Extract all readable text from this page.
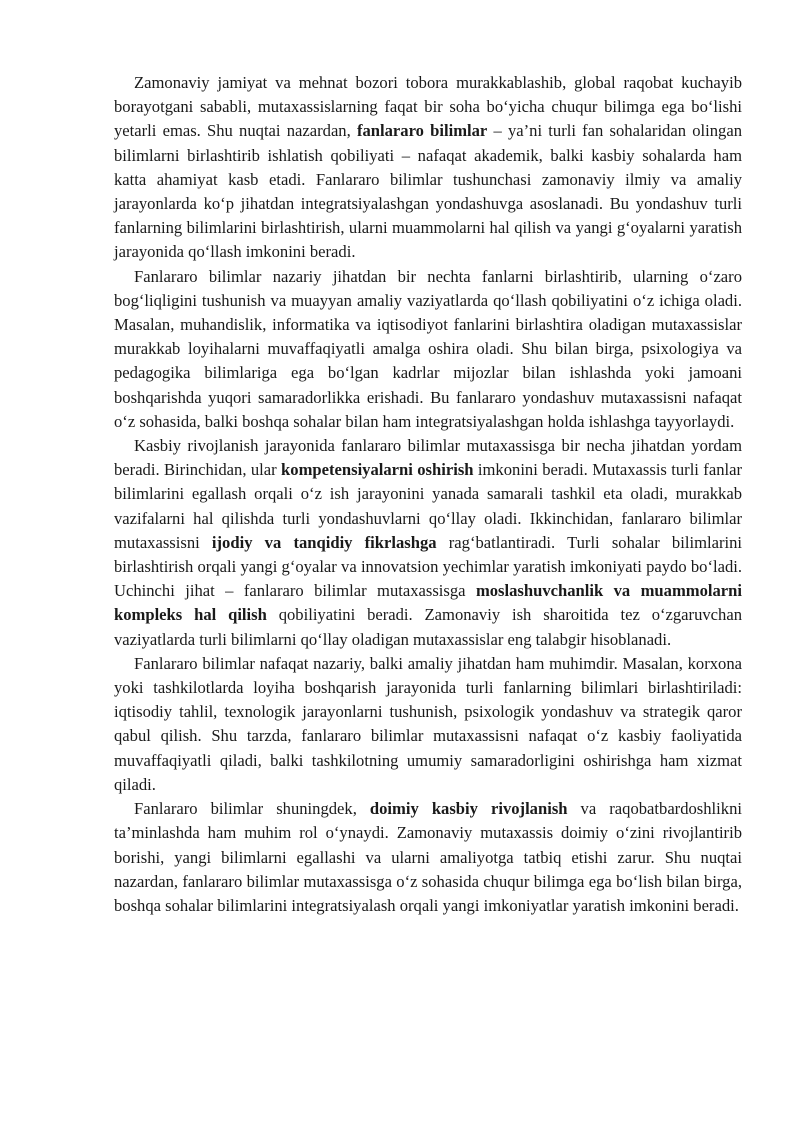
Zamonaviy jamiyat va mehnat bozori tobora murakkablashib, global raqobat kuchayib borayotgani sababli, mutaxassislarning faqat bir soha bo‘yicha chuqur bilimga ega bo‘lishi yetarli emas. Shu nuqtai nazardan, fanlararo bilimlar – ya’ni turli fan sohalaridan olingan bilimlarni birlashtirib ishlatish qobiliyati – nafaqat akademik, balki kasbiy sohalarda ham katta ahamiyat kasb etadi. Fanlararo bilimlar tushunchasi zamonaviy ilmiy va amaliy jarayonlarda ko‘p jihatdan integratsiyalashgan yondashuvga asoslanadi. Bu yondashuv turli fanlarning bilimlarini birlashtirish, ularni muammolarni hal qilish va yangi g‘oyalarni yaratish jarayonida qo‘llash imkonini beradi.

Fanlararo bilimlar nazariy jihatdan bir nechta fanlarni birlashtirib, ularning o‘zaro bog‘liqligini tushunish va muayyan amaliy vaziyatlarda qo‘llash qobiliyatini o‘z ichiga oladi. Masalan, muhandislik, informatika va iqtisodiyot fanlarini birlashtira oladigan mutaxassislar murakkab loyihalarni muvaffaqiyatli amalga oshira oladi. Shu bilan birga, psixologiya va pedagogika bilimlariga ega bo‘lgan kadrlar mijozlar bilan ishlashda yoki jamoani boshqarishda yuqori samaradorlikka erishadi. Bu fanlararo yondashuv mutaxassisni nafaqat o‘z sohasida, balki boshqa sohalar bilan ham integratsiyalashgan holda ishlashga tayyorlaydi.

Kasbiy rivojlanish jarayonida fanlararo bilimlar mutaxassisga bir necha jihatdan yordam beradi. Birinchidan, ular kompetensiyalarni oshirish imkonini beradi. Mutaxassis turli fanlar bilimlarini egallash orqali o‘z ish jarayonini yanada samarali tashkil eta oladi, murakkab vazifalarni hal qilishda turli yondashuvlarni qo‘llay oladi. Ikkinchidan, fanlararo bilimlar mutaxassisni ijodiy va tanqidiy fikrlashga rag‘batlantiradi. Turli sohalar bilimlarini birlashtirish orqali yangi g‘oyalar va innovatsion yechimlar yaratish imkoniyati paydo bo‘ladi. Uchinchi jihat – fanlararo bilimlar mutaxassisga moslashuvchanlik va muammolarni kompleks hal qilish qobiliyatini beradi. Zamonaviy ish sharoitida tez o‘zgaruvchan vaziyatlarda turli bilimlarni qo‘llay oladigan mutaxassislar eng talabgir hisoblanadi.

Fanlararo bilimlar nafaqat nazariy, balki amaliy jihatdan ham muhimdir. Masalan, korxona yoki tashkilotlarda loyiha boshqarish jarayonida turli fanlarning bilimlari birlashtiriladi: iqtisodiy tahlil, texnologik jarayonlarni tushunish, psixologik yondashuv va strategik qaror qabul qilish. Shu tarzda, fanlararo bilimlar mutaxassisni nafaqat o‘z kasbiy faoliyatida muvaffaqiyatli qiladi, balki tashkilotning umumiy samaradorligini oshirishga ham xizmat qiladi.

Fanlararo bilimlar shuningdek, doimiy kasbiy rivojlanish va raqobatbardoshlikni ta’minlashda ham muhim rol o‘ynaydi. Zamonaviy mutaxassis doimiy o‘zini rivojlantirib borishi, yangi bilimlarni egallashi va ularni amaliyotga tatbiq etishi zarur. Shu nuqtai nazardan, fanlararo bilimlar mutaxassisga o‘z sohasida chuqur bilimga ega bo‘lish bilan birga, boshqa sohalar bilimlarini integratsiyalash orqali yangi imkoniyatlar yaratish imkonini beradi.
